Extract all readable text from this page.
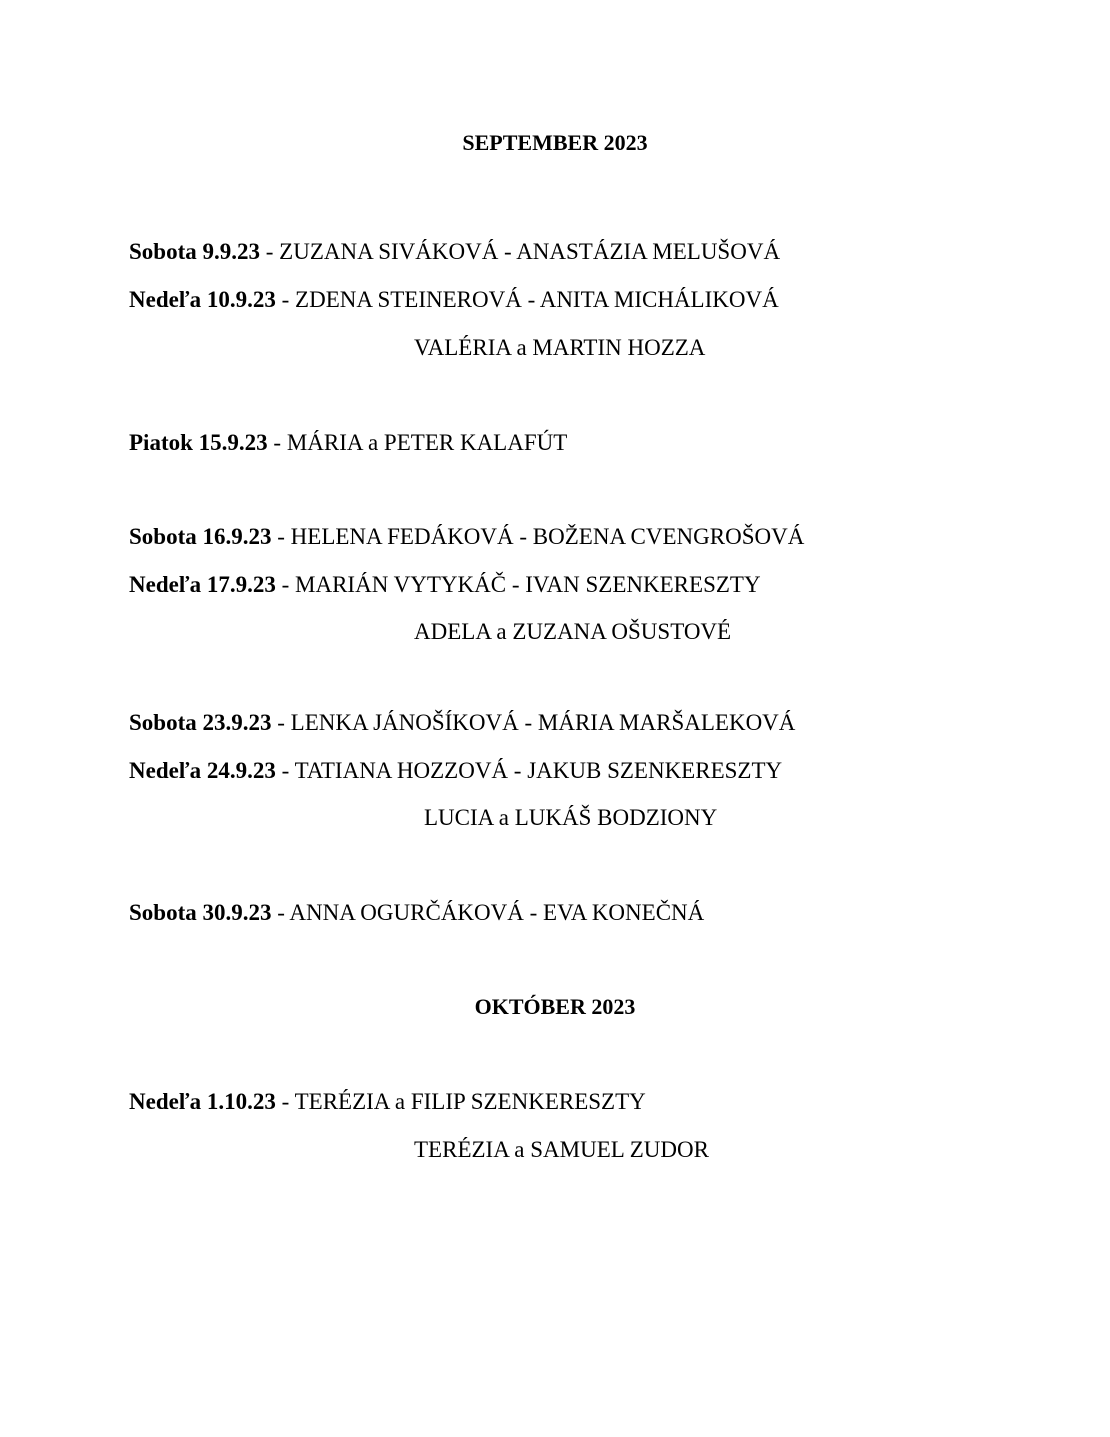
SEPTEMBER 2023
Sobota 9.9.23 - ZUZANA SIVÁKOVÁ - ANASTÁZIA MELUŠOVÁ
Nedeľa 10.9.23 - ZDENA STEINEROVÁ - ANITA MICHÁLIKOVÁ
VALÉRIA a MARTIN HOZZA
Piatok 15.9.23 - MÁRIA a PETER KALAFÚT
Sobota 16.9.23 - HELENA FEDÁKOVÁ - BOŽENA CVENGROŠOVÁ
Nedeľa 17.9.23 - MARIÁN VYTYKÁČ - IVAN SZENKERESZTY
ADELA a ZUZANA OŠUSTOVÉ
Sobota 23.9.23 - LENKA JÁNOŠÍKOVÁ - MÁRIA MARŠALEKOVÁ
Nedeľa 24.9.23 - TATIANA HOZZOVÁ - JAKUB SZENKERESZTY
LUCIA a LUKÁŠ BODZIONY
Sobota 30.9.23 - ANNA OGURČÁKOVÁ - EVA KONEČNÁ
OKTÓBER 2023
Nedeľa 1.10.23 - TERÉZIA a FILIP SZENKERESZTY
TERÉZIA a SAMUEL ZUDOR
